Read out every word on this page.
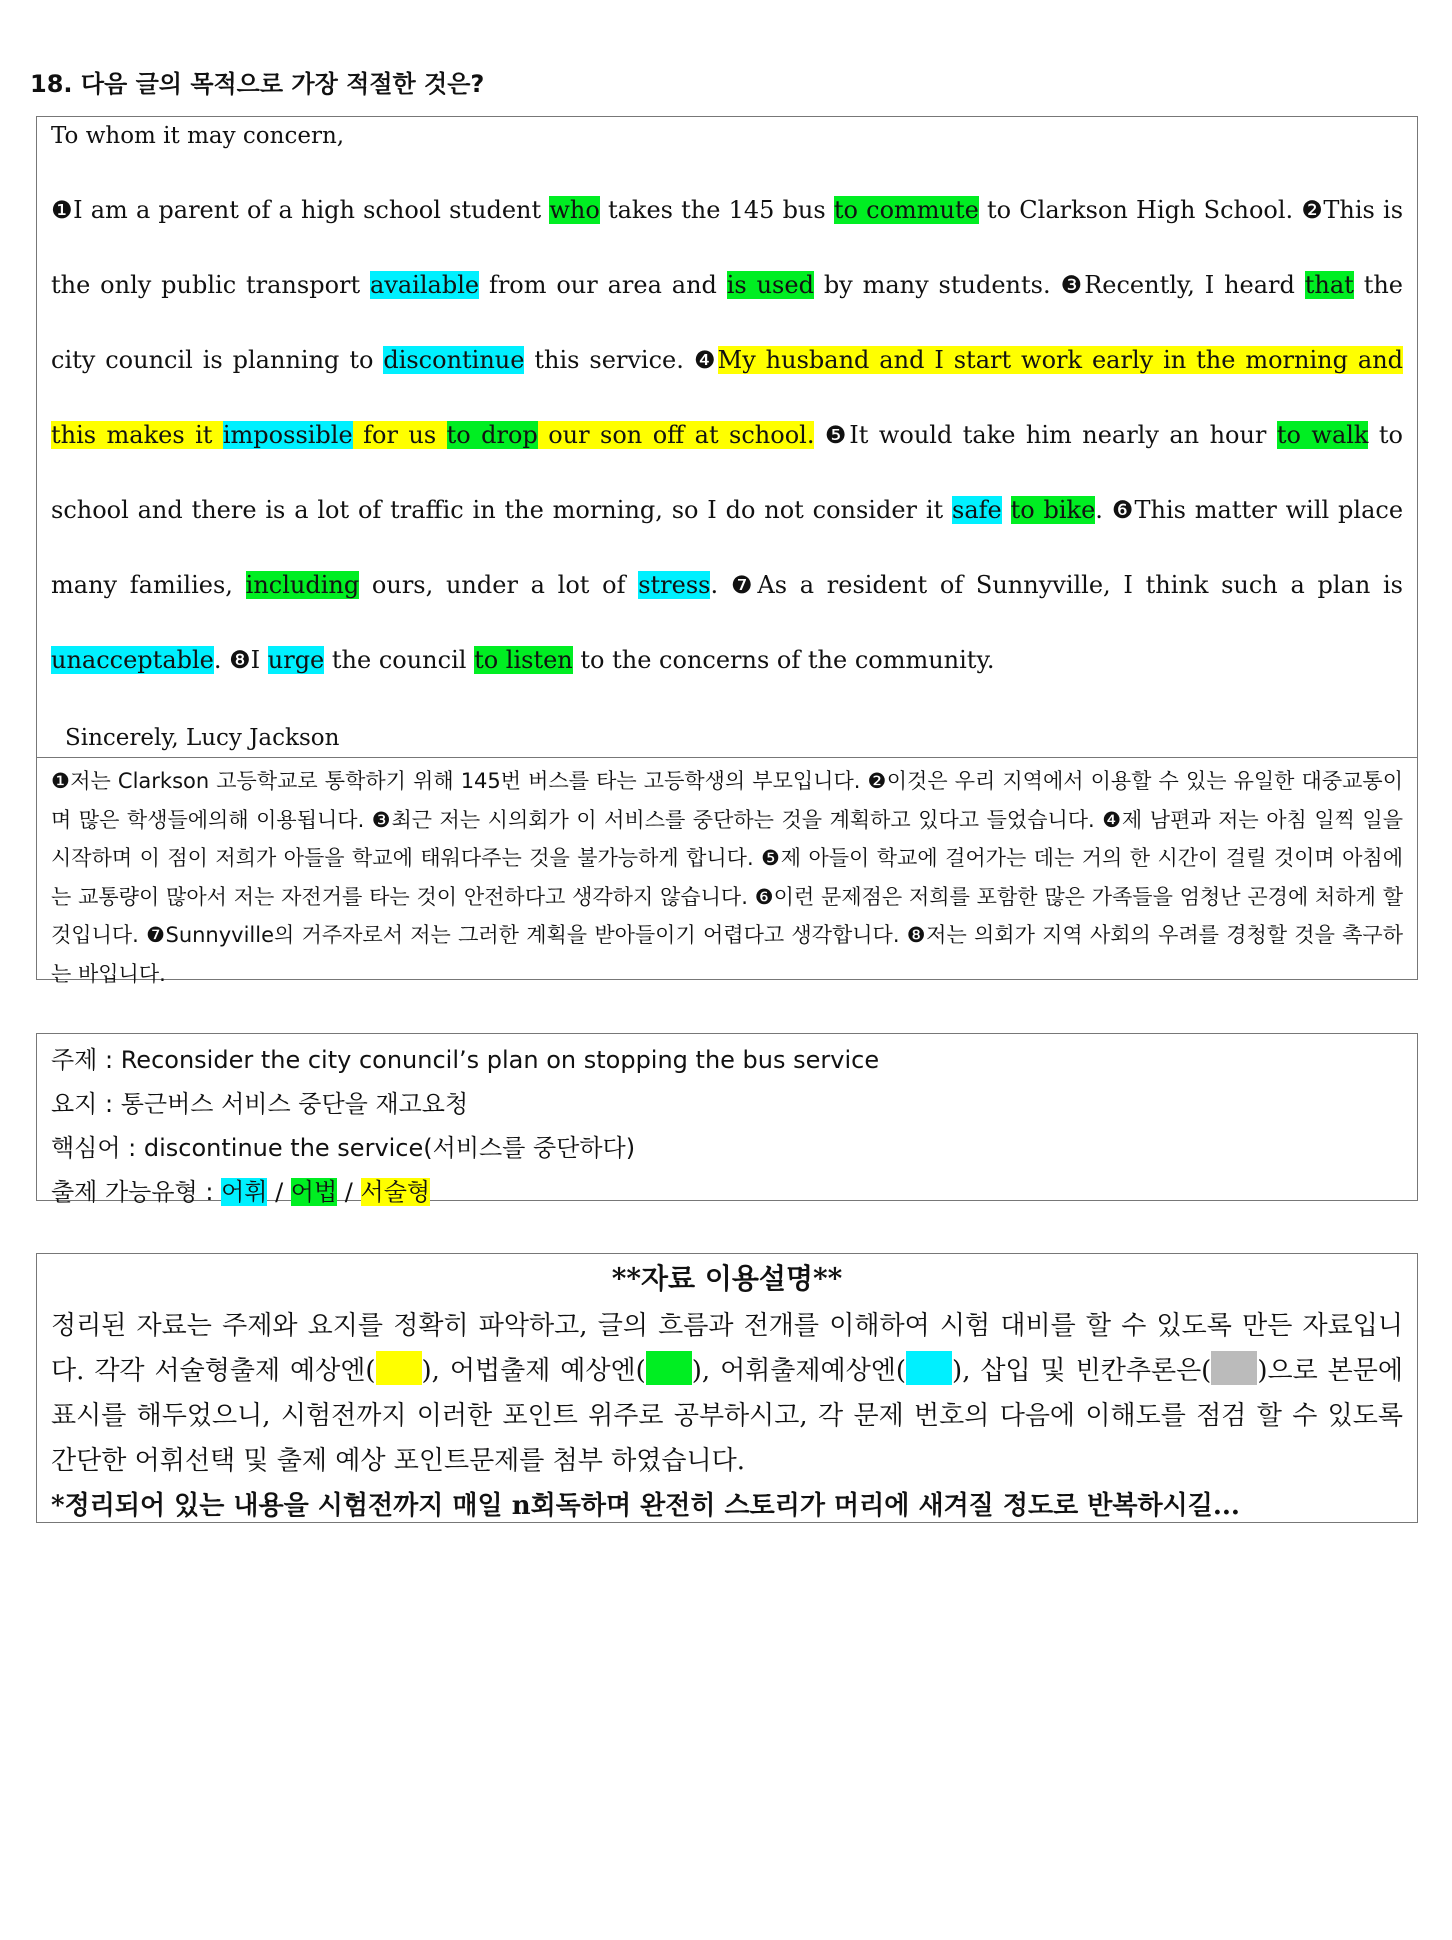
18. 다음 글의 목적으로 가장 적절한 것은?
To whom it may concern,
❶I am a parent of a high school student who takes the 145 bus to commute to Clarkson High School. ❷This is the only public transport available from our area and is used by many students. ❸Recently, I heard that the city council is planning to discontinue this service. ❹My husband and I start work early in the morning and this makes it impossible for us to drop our son off at school. ❺It would take him nearly an hour to walk to school and there is a lot of traffic in the morning, so I do not consider it safe to bike. ❻This matter will place many families, including ours, under a lot of stress. ❼As a resident of Sunnyville, I think such a plan is unacceptable. ❽I urge the council to listen to the concerns of the community.
Sincerely, Lucy Jackson
❶저는 Clarkson 고등학교로 통학하기 위해 145번 버스를 타는 고등학생의 부모입니다. ❷이것은 우리 지역에서 이용할 수 있는 유일한 대중교통이며 많은 학생들에의해 이용됩니다. ❸최근 저는 시의회가 이 서비스를 중단하는 것을 계획하고 있다고 들었습니다. ❹제 남편과 저는 아침 일찍 일을 시작하며 이 점이 저희가 아들을 학교에 태워다주는 것을 불가능하게 합니다. ❺제 아들이 학교에 걸어가는 데는 거의 한 시간이 걸릴 것이며 아침에는 교통량이 많아서 저는 자전거를 타는 것이 안전하다고 생각하지 않습니다. ❻이런 문제점은 저희를 포함한 많은 가족들을 엄청난 곤경에 처하게 할 것입니다. ❼Sunnyville의 거주자로서 저는 그러한 계획을 받아들이기 어렵다고 생각합니다. ❽저는 의회가 지역 사회의 우려를 경청할 것을 촉구하는 바입니다.
주제 : Reconsider the city conuncil’s plan on stopping the bus service
요지 : 통근버스 서비스 중단을 재고요청
핵심어 : discontinue the service(서비스를 중단하다)
출제 가능유형 : 어휘 / 어법 / 서술형
**자료 이용설명**
정리된 자료는 주제와 요지를 정확히 파악하고, 글의 흐름과 전개를 이해하여 시험 대비를 할 수 있도록 만든 자료입니다. 각각 서술형출제 예상엔( ), 어법출제 예상엔( ), 어휘출제예상엔( ), 삽입 및 빈칸추론은( )으로 본문에 표시를 해두었으니, 시험전까지 이러한 포인트 위주로 공부하시고, 각 문제 번호의 다음에 이해도를 점검 할 수 있도록 간단한 어휘선택 및 출제 예상 포인트문제를 첨부 하였습니다.
*정리되어 있는 내용을 시험전까지 매일 n회독하며 완전히 스토리가 머리에 새겨질 정도로 반복하시길...
